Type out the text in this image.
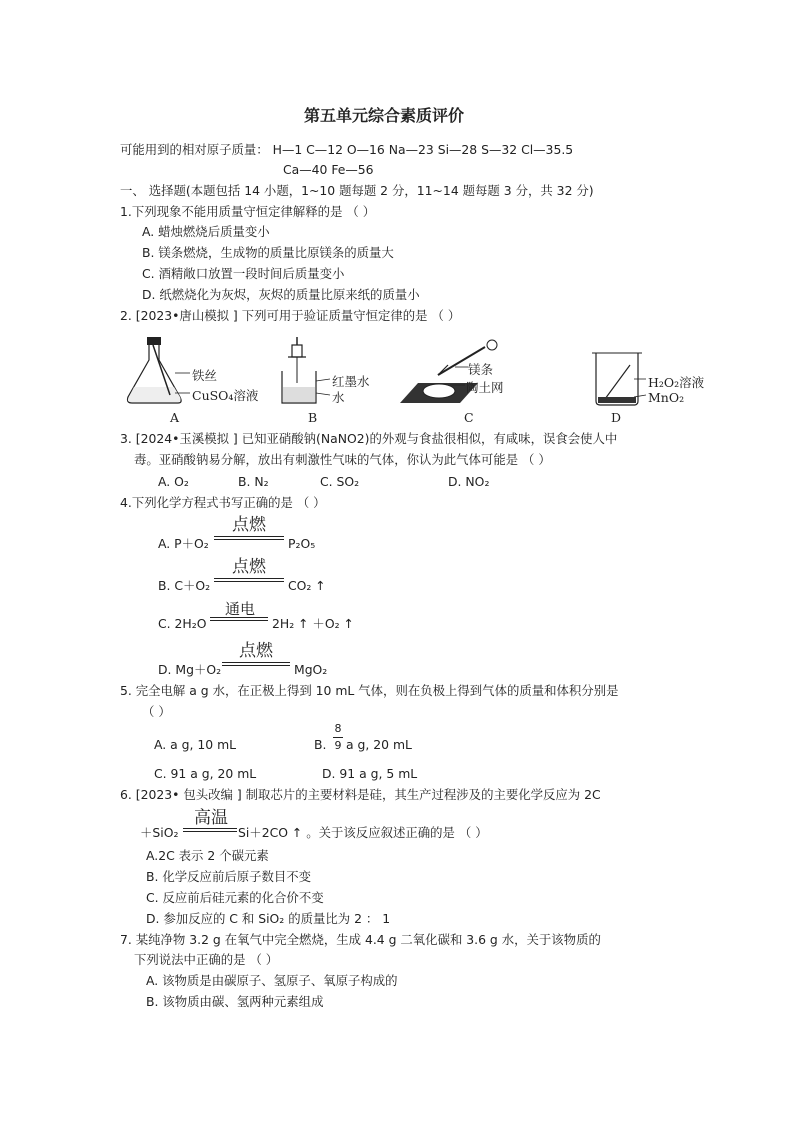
第五单元综合素质评价
可能用到的相对原子质量： H—1 C—12 O—16 Na—23 Si—28 S—32 Cl—35.5
Ca—40 Fe—56
一、 选择题(本题包括 14 小题，1~10 题每题 2 分，11~14 题每题 3 分，共 32 分)
1.下列现象不能用质量守恒定律解释的是 （ ）
A. 蜡烛燃烧后质量变小
B. 镁条燃烧，生成物的质量比原镁条的质量大
C. 酒精敞口放置一段时间后质量变小
D. 纸燃烧化为灰烬，灰烬的质量比原来纸的质量小
2. [2023•唐山模拟 ] 下列可用于验证质量守恒定律的是 （ ）
铁丝
CuSO₄溶液
红墨水
水
镁条
陶土网	H₂O₂溶液
MnO₂
A	B	C	D
3. [2024•玉溪模拟 ] 已知亚硝酸钠(NaNO2)的外观与食盐很相似，有咸味，误食会使人中
毒。亚硝酸钠易分解，放出有刺激性气味的气体，你认为此气体可能是 （ ）
A. O₂	B. N₂	C. SO₂	D. NO₂
4.下列化学方程式书写正确的是 （ ）
点燃
A. P＋O₂	P₂O₅
点燃
B. C＋O₂	CO₂ ↑
通电
C. 2H₂O	2H₂ ↑ ＋O₂ ↑
点燃
D. Mg＋O₂	MgO₂
5. 完全电解 a g 水，在正极上得到 10 mL 气体，则在负极上得到气体的质量和体积分别是
（ ）
A. a g, 10 mL	B.
8
9 a g, 20 mL
C. 91 a g, 20 mL	D. 91 a g, 5 mL
6. [2023• 包头改编 ] 制取芯片的主要材料是硅，其生产过程涉及的主要化学反应为 2C
高温
＋SiO₂	Si＋2CO ↑ 。关于该反应叙述正确的是 （ ）
A.2C 表示 2 个碳元素
B. 化学反应前后原子数目不变
C. 反应前后硅元素的化合价不变
D. 参加反应的 C 和 SiO₂ 的质量比为 2 ： 1
7. 某纯净物 3.2 g 在氧气中完全燃烧，生成 4.4 g 二氧化碳和 3.6 g 水，关于该物质的
下列说法中正确的是 （ ）
A. 该物质是由碳原子、氢原子、氧原子构成的
B. 该物质由碳、氢两种元素组成
